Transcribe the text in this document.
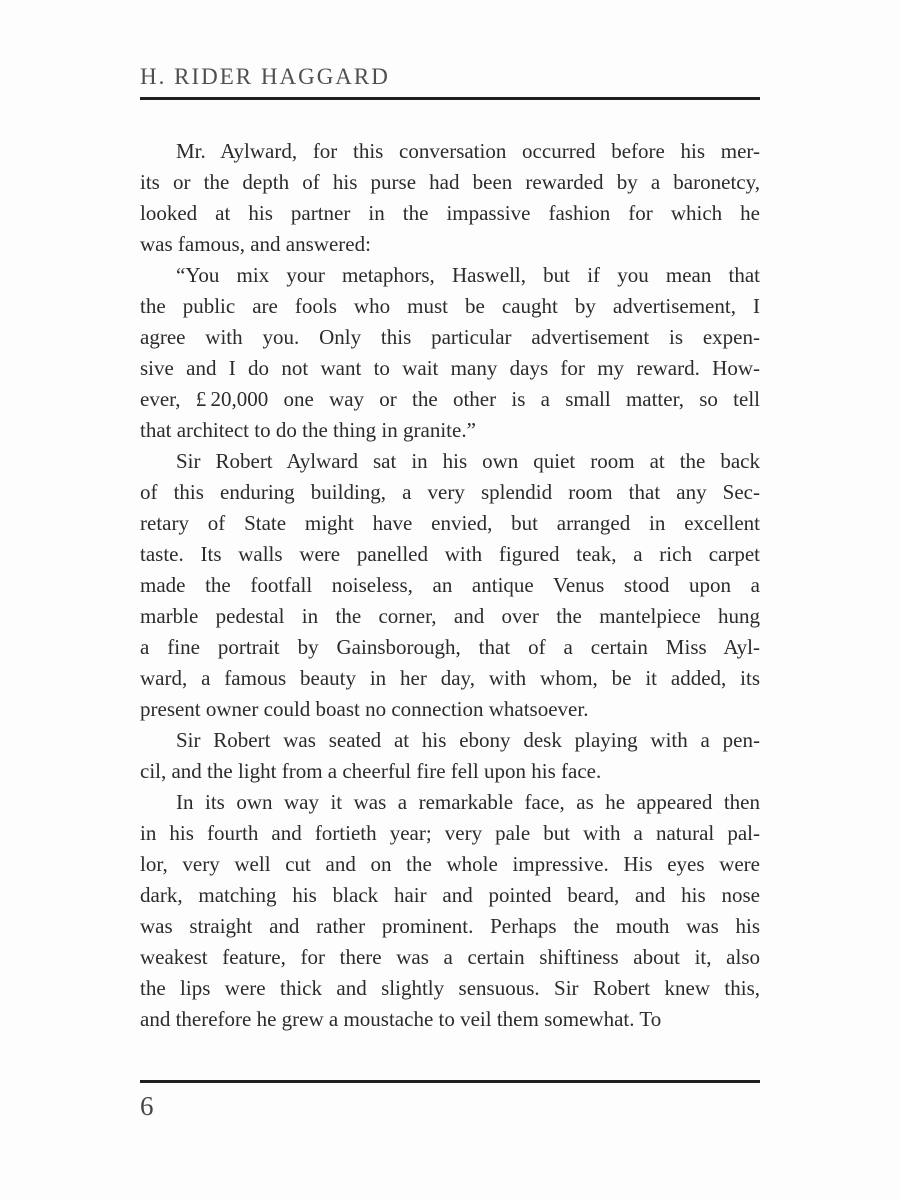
H. RIDER HAGGARD
Mr. Aylward, for this conversation occurred before his mer-
its or the depth of his purse had been rewarded by a baronetcy,
looked at his partner in the impassive fashion for which he
was famous, and answered:
“You mix your metaphors, Haswell, but if you mean that
the public are fools who must be caught by advertisement, I
agree with you. Only this particular advertisement is expen-
sive and I do not want to wait many days for my reward. How-
ever, £ 20,000 one way or the other is a small matter, so tell
that architect to do the thing in granite.”
Sir Robert Aylward sat in his own quiet room at the back
of this enduring building, a very splendid room that any Sec-
retary of State might have envied, but arranged in excellent
taste. Its walls were panelled with figured teak, a rich carpet
made the footfall noiseless, an antique Venus stood upon a
marble pedestal in the corner, and over the mantelpiece hung
a fine portrait by Gainsborough, that of a certain Miss Ayl-
ward, a famous beauty in her day, with whom, be it added, its
present owner could boast no connection whatsoever.
Sir Robert was seated at his ebony desk playing with a pen-
cil, and the light from a cheerful fire fell upon his face.
In its own way it was a remarkable face, as he appeared then
in his fourth and fortieth year; very pale but with a natural pal-
lor, very well cut and on the whole impressive. His eyes were
dark, matching his black hair and pointed beard, and his nose
was straight and rather prominent. Perhaps the mouth was his
weakest feature, for there was a certain shiftiness about it, also
the lips were thick and slightly sensuous. Sir Robert knew this,
and therefore he grew a moustache to veil them somewhat. To
6
